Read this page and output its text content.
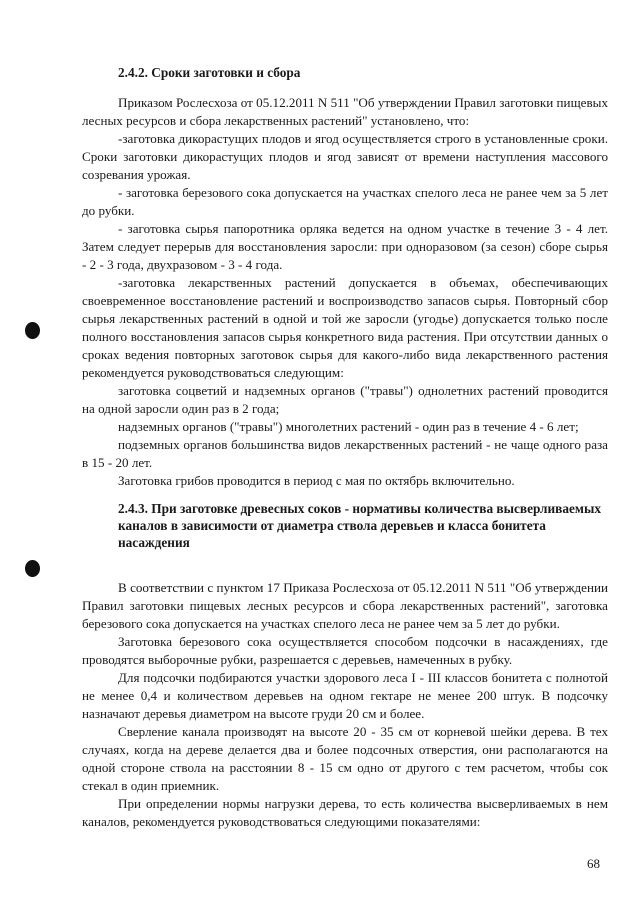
2.4.2. Сроки заготовки и сбора

Приказом Рослесхоза от 05.12.2011 N 511 "Об утверждении Правил заготовки пищевых лесных ресурсов и сбора лекарственных растений" установлено, что:

-заготовка дикорастущих плодов и ягод осуществляется строго в установленные сроки. Сроки заготовки дикорастущих плодов и ягод зависят от времени наступления массового созревания урожая.

- заготовка березового сока допускается на участках спелого леса не ранее чем за 5 лет до рубки.

- заготовка сырья папоротника орляка ведется на одном участке в течение 3 - 4 лет. Затем следует перерыв для восстановления заросли: при одноразовом (за сезон) сборе сырья - 2 - 3 года, двухразовом - 3 - 4 года.

-заготовка лекарственных растений допускается в объемах, обеспечивающих своевременное восстановление растений и воспроизводство запасов сырья. Повторный сбор сырья лекарственных растений в одной и той же заросли (угодье) допускается только после полного восстановления запасов сырья конкретного вида растения. При отсутствии данных о сроках ведения повторных заготовок сырья для какого-либо вида лекарственного растения рекомендуется руководствоваться следующим:

заготовка соцветий и надземных органов ("травы") однолетних растений проводится на одной заросли один раз в 2 года;

надземных органов ("травы") многолетних растений - один раз в течение 4 - 6 лет;

подземных органов большинства видов лекарственных растений - не чаще одного раза в 15 - 20 лет.

Заготовка грибов проводится в период с мая по октябрь включительно.

2.4.3. При заготовке древесных соков - нормативы количества высверливаемых каналов в зависимости от диаметра ствола деревьев и класса бонитета насаждения

В соответствии с пунктом 17 Приказа Рослесхоза от 05.12.2011 N 511 "Об утверждении Правил заготовки пищевых лесных ресурсов и сбора лекарственных растений", заготовка березового сока допускается на участках спелого леса не ранее чем за 5 лет до рубки.

Заготовка березового сока осуществляется способом подсочки в насаждениях, где проводятся выборочные рубки, разрешается с деревьев, намеченных в рубку.

Для подсочки подбираются участки здорового леса I - III классов бонитета с полнотой не менее 0,4 и количеством деревьев на одном гектаре не менее 200 штук. В подсочку назначают деревья диаметром на высоте груди 20 см и более.

Сверление канала производят на высоте 20 - 35 см от корневой шейки дерева. В тех случаях, когда на дереве делается два и более подсочных отверстия, они располагаются на одной стороне ствола на расстоянии 8 - 15 см одно от другого с тем расчетом, чтобы сок стекал в один приемник.

При определении нормы нагрузки дерева, то есть количества высверливаемых в нем каналов, рекомендуется руководствоваться следующими показателями:

68
